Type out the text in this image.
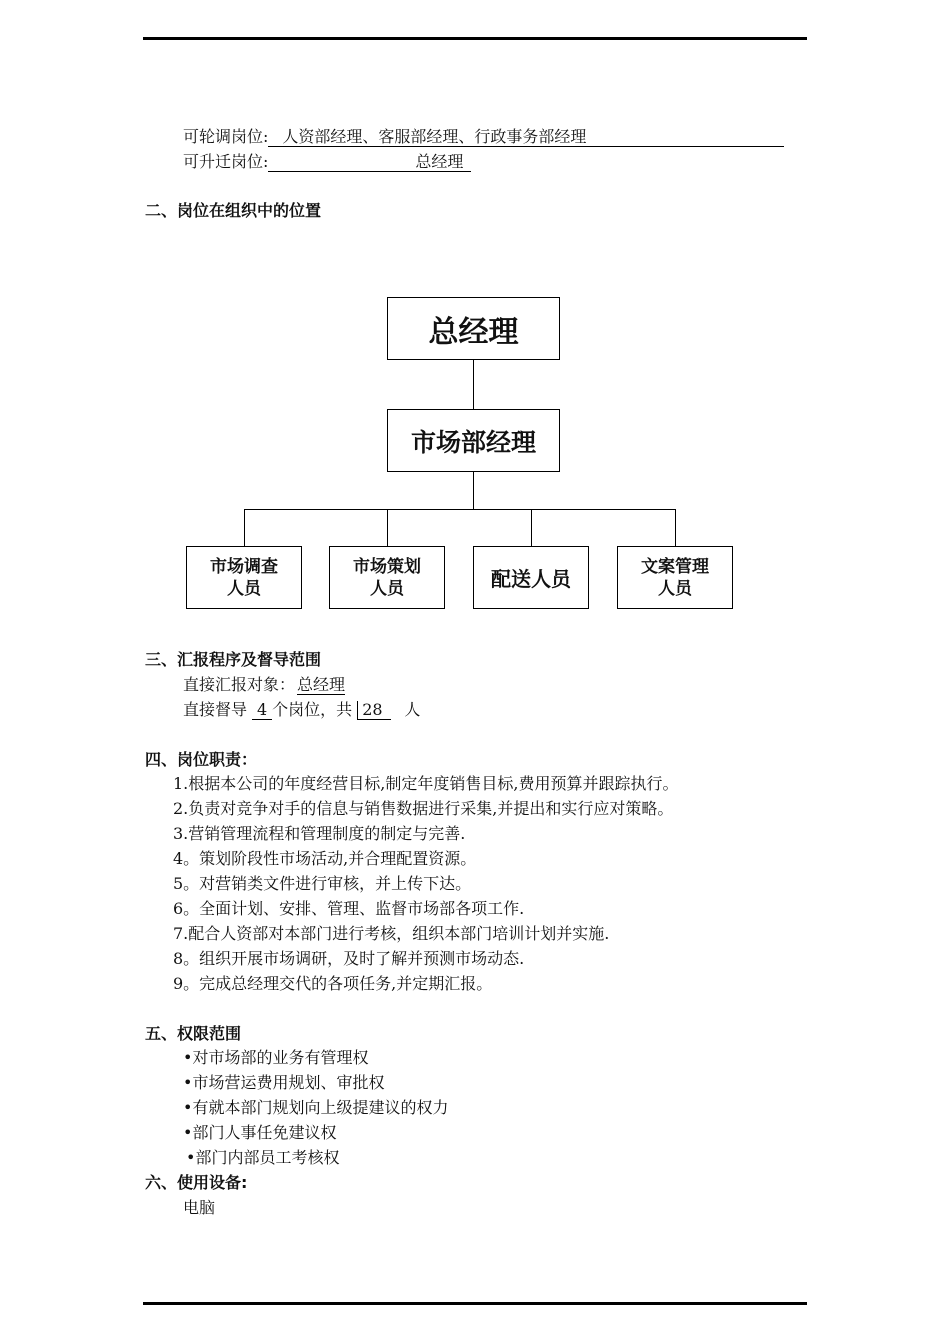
可轮调岗位: 人资部经理、客服部经理、行政事务部经理
可升迁岗位:	总经理
二、岗位在组织中的位置
总经理
市场部经理
市场调查
人员
市场策划
人员	配送人员
文案管理
人员
三、汇报程序及督导范围
直接汇报对象： 总经理
直接督导 4 个岗位，共 28 人
四、岗位职责：
1.根据本公司的年度经营目标,制定年度销售目标,费用预算并跟踪执行。
2.负责对竞争对手的信息与销售数据进行采集,并提出和实行应对策略。
3.营销管理流程和管理制度的制定与完善.
4。策划阶段性市场活动,并合理配置资源。
5。对营销类文件进行审核，并上传下达。
6。全面计划、安排、管理、监督市场部各项工作.
7.配合人资部对本部门进行考核，组织本部门培训计划并实施.
8。组织开展市场调研，及时了解并预测市场动态.
9。完成总经理交代的各项任务,并定期汇报。
五、权限范围
•对市场部的业务有管理权
•市场营运费用规划、审批权
•有就本部门规划向上级提建议的权力
•部门人事任免建议权
•部门内部员工考核权
六、使用设备:
电脑
